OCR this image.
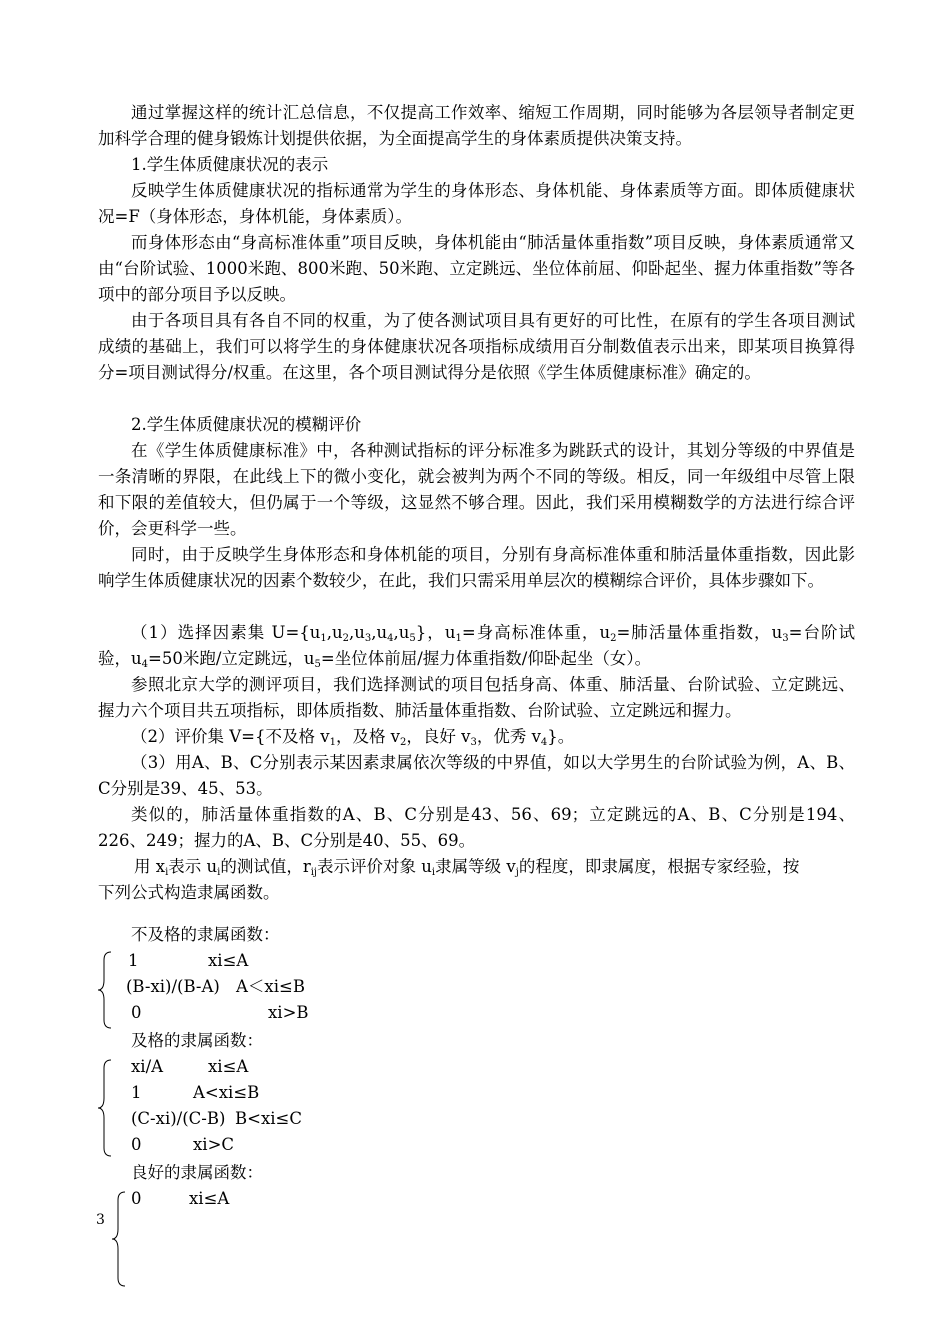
通过掌握这样的统计汇总信息，不仅提高工作效率、缩短工作周期，同时能够为各层领导者制定更加科学合理的健身锻炼计划提供依据，为全面提高学生的身体素质提供决策支持。

1.学生体质健康状况的表示

反映学生体质健康状况的指标通常为学生的身体形态、身体机能、身体素质等方面。即体质健康状况=F（身体形态，身体机能，身体素质）。

而身体形态由“身高标准体重”项目反映，身体机能由“肺活量体重指数”项目反映，身体素质通常又由“台阶试验、1000米跑、800米跑、50米跑、立定跳远、坐位体前屈、仰卧起坐、握力体重指数”等各项中的部分项目予以反映。

由于各项目具有各自不同的权重，为了使各测试项目具有更好的可比性，在原有的学生各项目测试成绩的基础上，我们可以将学生的身体健康状况各项指标成绩用百分制数值表示出来，即某项目换算得分=项目测试得分/权重。在这里，各个项目测试得分是依照《学生体质健康标准》确定的。

2.学生体质健康状况的模糊评价

在《学生体质健康标准》中，各种测试指标的评分标准多为跳跃式的设计，其划分等级的中界值是一条清晰的界限，在此线上下的微小变化，就会被判为两个不同的等级。相反，同一年级组中尽管上限和下限的差值较大，但仍属于一个等级，这显然不够合理。因此，我们采用模糊数学的方法进行综合评价，会更科学一些。

同时，由于反映学生身体形态和身体机能的项目，分别有身高标准体重和肺活量体重指数，因此影响学生体质健康状况的因素个数较少，在此，我们只需采用单层次的模糊综合评价，具体步骤如下。

（1）选择因素集 $U=\{u_1,u_2,u_3,u_4,u_5\}$，$u_1=$身高标准体重，$u_2=$肺活量体重指数，$u_3=$台阶试验，$u_4=50$米跑/立定跳远，$u_5=$坐位体前屈/握力体重指数/仰卧起坐（女）。

参照北京大学的测评项目，我们选择测试的项目包括身高、体重、肺活量、台阶试验、立定跳远、握力六个项目共五项指标，即体质指数、肺活量体重指数、台阶试验、立定跳远和握力。

（2）评价集 V={不及格 $v_1$，及格 $v_2$，良好 $v_3$，优秀 $v_4$}。

（3）用A、B、C分别表示某因素隶属依次等级的中界值，如以大学男生的台阶试验为例，A、B、C分别是39、45、53。

类似的，肺活量体重指数的A、B、C分别是43、56、69；立定跳远的A、B、C分别是194、226、249；握力的A、B、C分别是40、55、69。

用 $x_i$表示 $u_i$的测试值，$r_{ij}$表示评价对象 $u_i$隶属等级 $v_j$的程度，即隶属度，根据专家经验，按
下列公式构造隶属函数。

不及格的隶属函数：
1	xi≤A
(B-xi)/(B-A) A＜xi≤B
0	xi>B
及格的隶属函数：
xi/A	xi≤A
1	A<xi≤B
(C-xi)/(C-B) B<xi≤C
0	xi>C
良好的隶属函数：
0	xi≤A
3
